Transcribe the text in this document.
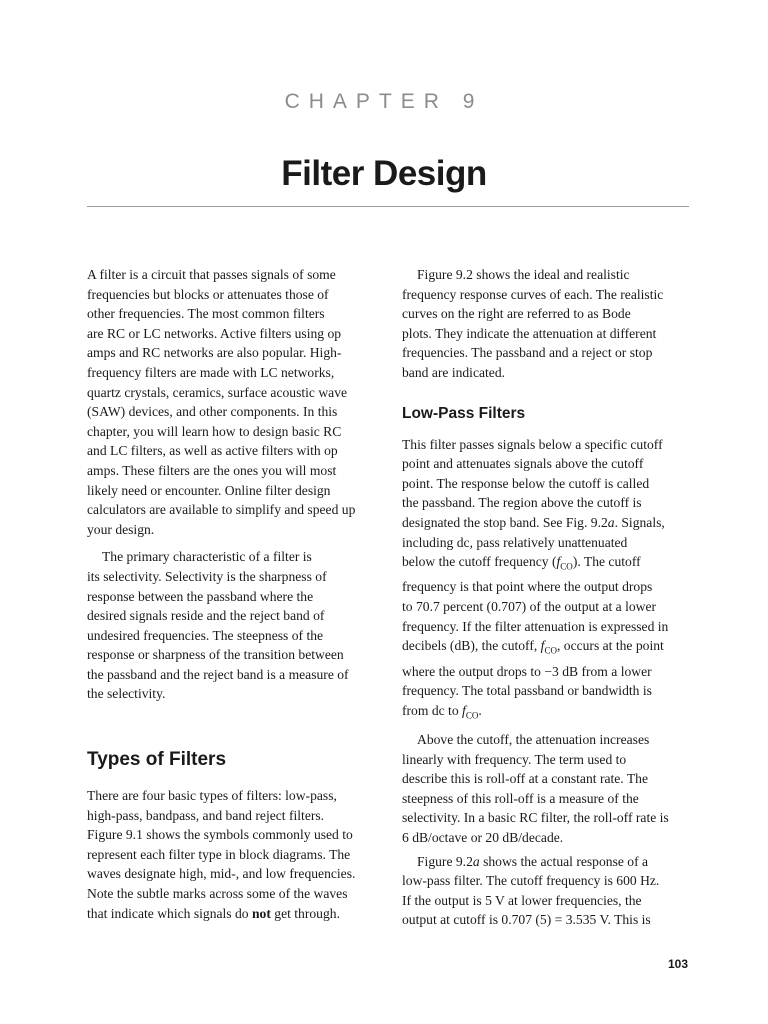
CHAPTER 9
Filter Design
A filter is a circuit that passes signals of some
frequencies but blocks or attenuates those of
other frequencies. The most common filters
are RC or LC networks. Active filters using op
amps and RC networks are also popular. High-
frequency filters are made with LC networks,
quartz crystals, ceramics, surface acoustic wave
(SAW) devices, and other components. In this
chapter, you will learn how to design basic RC
and LC filters, as well as active filters with op
amps. These filters are the ones you will most
likely need or encounter. Online filter design
calculators are available to simplify and speed up
your design.
The primary characteristic of a filter is
its selectivity. Selectivity is the sharpness of
response between the passband where the
desired signals reside and the reject band of
undesired frequencies. The steepness of the
response or sharpness of the transition between
the passband and the reject band is a measure of
the selectivity.
Types of Filters
There are four basic types of filters: low-pass,
high-pass, bandpass, and band reject filters.
Figure 9.1 shows the symbols commonly used to
represent each filter type in block diagrams. The
waves designate high, mid-, and low frequencies.
Note the subtle marks across some of the waves
that indicate which signals do not get through.
Figure 9.2 shows the ideal and realistic
frequency response curves of each. The realistic
curves on the right are referred to as Bode
plots. They indicate the attenuation at different
frequencies. The passband and a reject or stop
band are indicated.
Low-Pass Filters
This filter passes signals below a specific cutoff
point and attenuates signals above the cutoff
point. The response below the cutoff is called
the passband. The region above the cutoff is
designated the stop band. See Fig. 9.2a. Signals,
including dc, pass relatively unattenuated
below the cutoff frequency $(f_{CO})$. The cutoff
frequency is that point where the output drops
to 70.7 percent (0.707) of the output at a lower
frequency. If the filter attenuation is expressed in
decibels (dB), the cutoff, $f_{CO}$, occurs at the point
where the output drops to −3 dB from a lower
frequency. The total passband or bandwidth is
from dc to $f_{CO}$.
Above the cutoff, the attenuation increases
linearly with frequency. The term used to
describe this is roll-off at a constant rate. The
steepness of this roll-off is a measure of the
selectivity. In a basic RC filter, the roll-off rate is
6 dB/octave or 20 dB/decade.
Figure 9.2a shows the actual response of a
low-pass filter. The cutoff frequency is 600 Hz.
If the output is 5 V at lower frequencies, the
output at cutoff is 0.707 (5) = 3.535 V. This is
103
